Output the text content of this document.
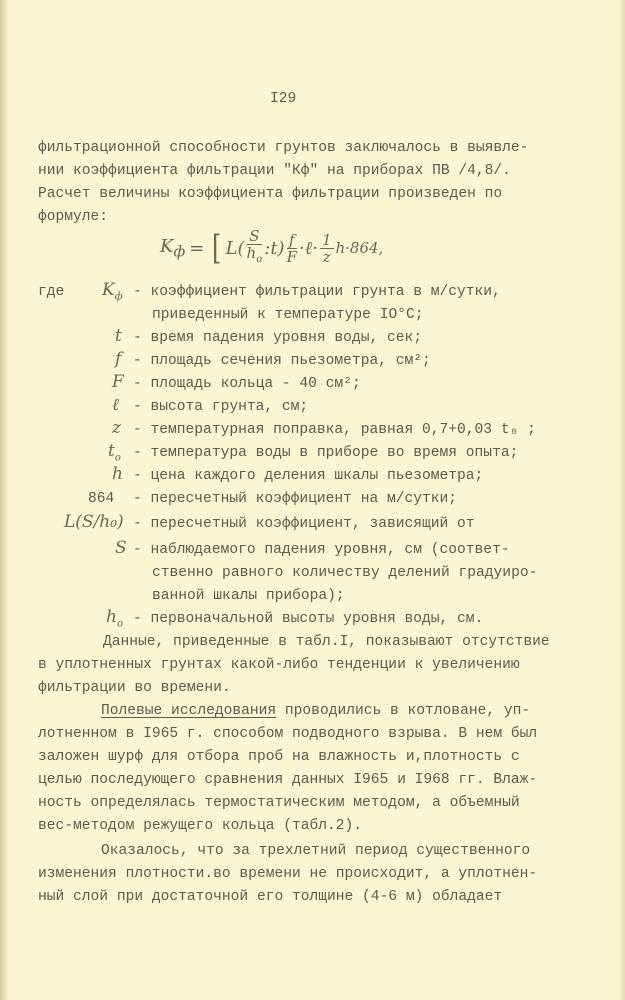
I29
фильтрационной способности грунтов заключалось в выявле-
нии коэффициента фильтрации "Кф" на приборах ПВ /4,8/.
Расчет величины коэффициента фильтрации произведен по
формуле:
$K_ф$ = [ $L( \frac{S}{h_o}$ :t) $\frac{f}{F}$ ·ℓ· $\frac{1}{z} h\cdot 864$,
где $K_ф$ - коэффициент фильтрации грунта в м/сутки,
приведенный к температуре IO°C;
t - время падения уровня воды, сек;
f - площадь сечения пьезометра, см²;
F - площадь кольца - 40 см²;
ℓ - высота грунта, см;
z - температурная поправка, равная 0,7+0,03 t₀ ;
$t_o$ - температура воды в приборе во время опыта;
h - цена каждого деления шкалы пьезометра;
864 - пересчетный коэффициент на м/сутки;
L(S/h₀) - пересчетный коэффициент, зависящий от
S - наблюдаемого падения уровня, см (соответ-
ственно равного количеству делений градуиро-
ванной шкалы прибора);
$h_o$ - первоначальной высоты уровня воды, см.
Данные, приведенные в табл.I, показывают отсутствие
в уплотненных грунтах какой-либо тенденции к увеличению
фильтрации во времени.
Полевые исследования проводились в котловане, уп-
лотненном в I965 г. способом подводного взрыва. В нем был
заложен шурф для отбора проб на влажность и,плотность с
целью последующего сравнения данных I965 и I968 гг. Влаж-
ность определялась термостатическим методом, а объемный
вес-методом режущего кольца (табл.2).
Оказалось, что за трехлетний период существенного
изменения плотности.во времени не происходит, а уплотнен-
ный слой при достаточной его толщине (4-6 м) обладает
